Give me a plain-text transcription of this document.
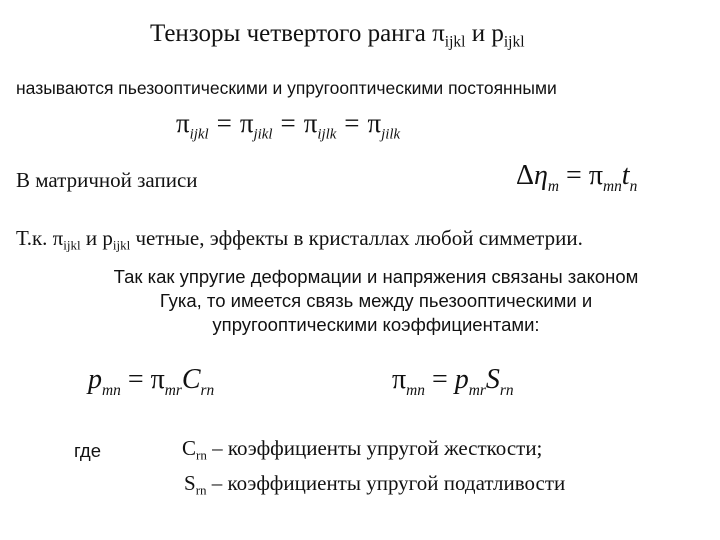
Тензоры четвертого ранга $\pi_{ijkl}$ и $p_{ijkl}$
называются пьезооптическими и упругооптическими постоянными
$\pi_{ijkl} = \pi_{jikl} = \pi_{ijlk} = \pi_{jilk}$
В матричной записи	$\Delta\eta_m = \pi_{mn}t_n$
Т.к. $\pi_{ijkl}$ и $p_{ijkl}$ четные, эффекты в кристаллах любой симметрии.
Так как упругие деформации и напряжения связаны законом
Гука, то имеется связь между пьезооптическими и
упругооптическими коэффициентами:
$p_{mn} = \pi_{mr}C_{rn}$	$\pi_{mn} = p_{mr}S_{rn}$
где	$C_{rn}$ – коэффициенты упругой жесткости;
$S_{rn}$ – коэффициенты упругой податливости
